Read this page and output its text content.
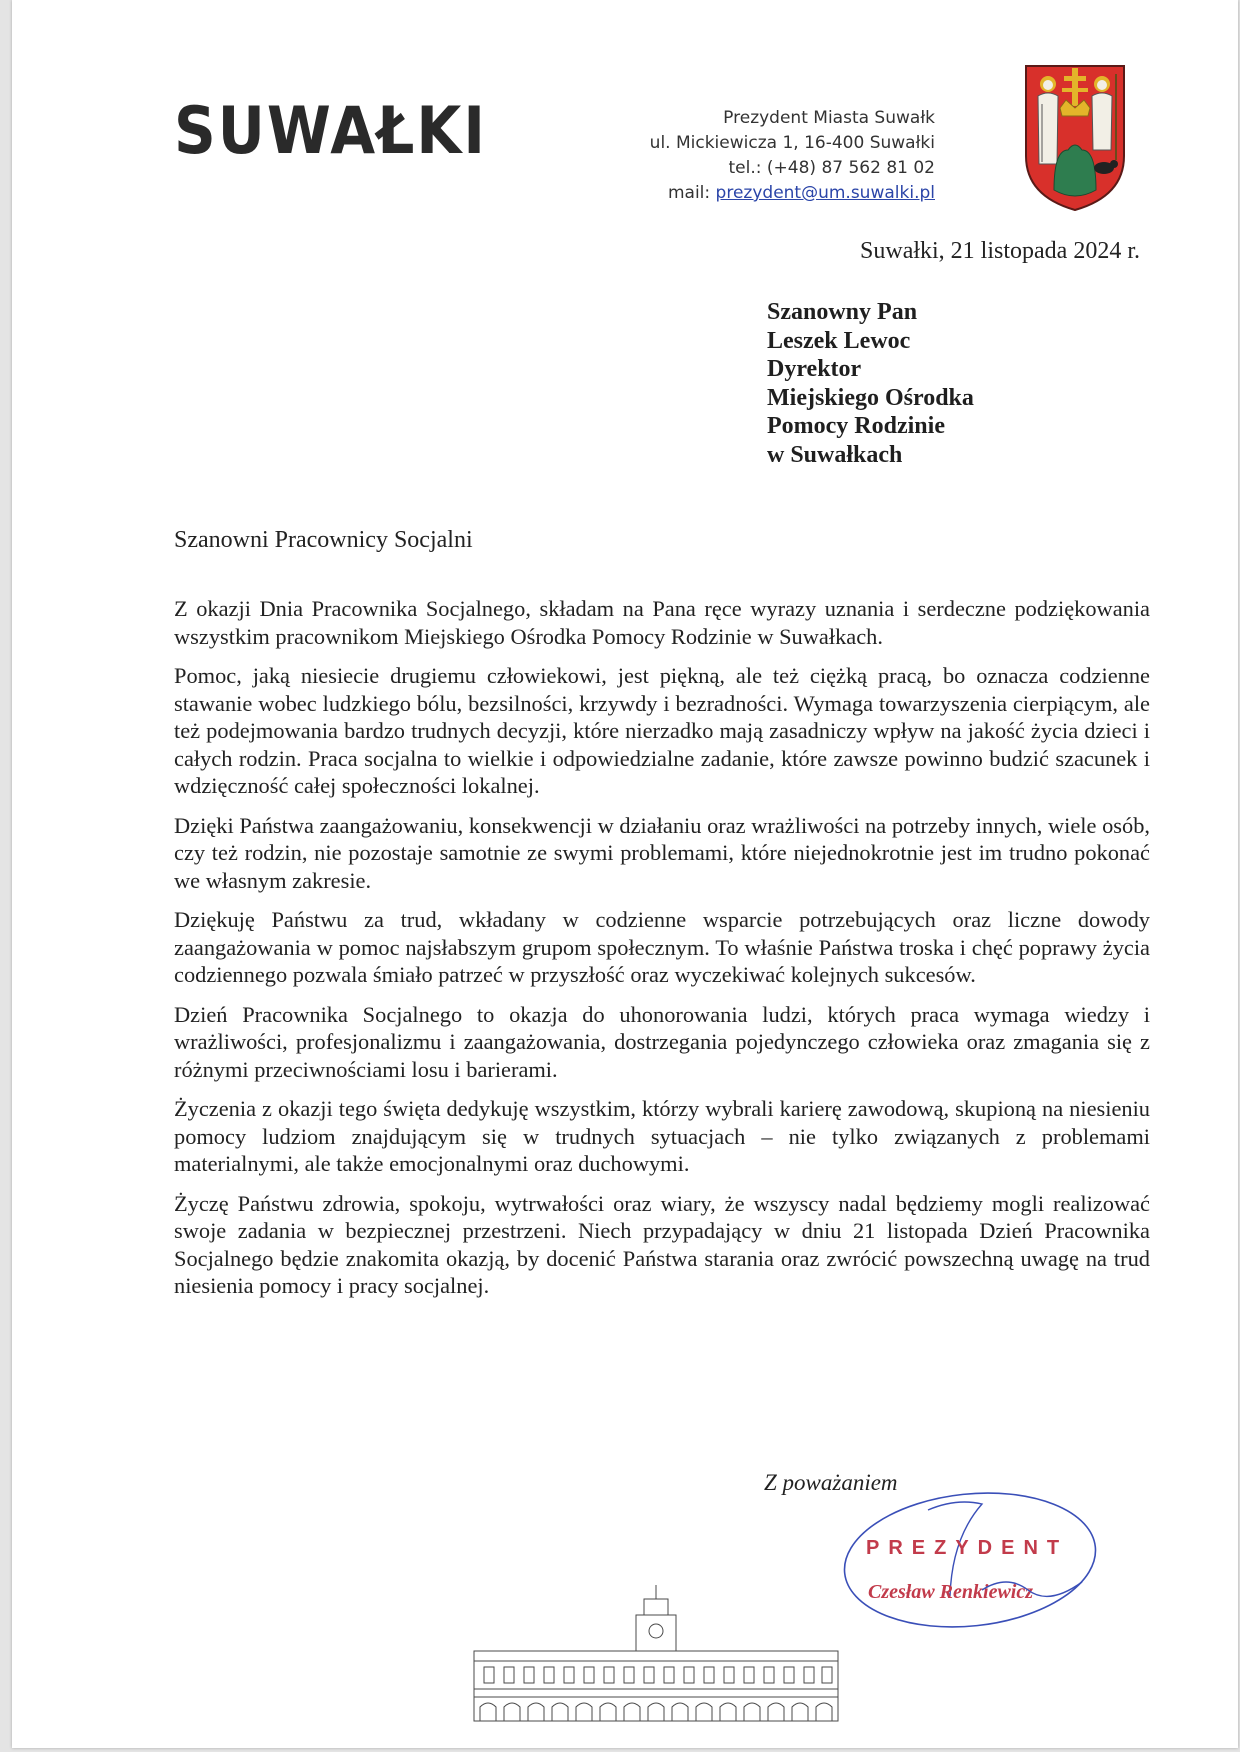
SUWAŁKI	Prezydent Miasta Suwałk
ul. Mickiewicza 1, 16-400 Suwałki
tel.: (+48) 87 562 81 02
mail: prezydent@um.suwalki.pl
Suwałki, 21 listopada 2024 r.
Szanowny Pan
Leszek Lewoc
Dyrektor
Miejskiego Ośrodka
Pomocy Rodzinie
w Suwałkach
Szanowni Pracownicy Socjalni

Z okazji Dnia Pracownika Socjalnego, składam na Pana ręce wyrazy uznania i serdeczne podziękowania wszystkim pracownikom Miejskiego Ośrodka Pomocy Rodzinie w Suwałkach.

Pomoc, jaką niesiecie drugiemu człowiekowi, jest piękną, ale też ciężką pracą, bo oznacza codzienne stawanie wobec ludzkiego bólu, bezsilności, krzywdy i bezradności. Wymaga towarzyszenia cierpiącym, ale też podejmowania bardzo trudnych decyzji, które nierzadko mają zasadniczy wpływ na jakość życia dzieci i całych rodzin. Praca socjalna to wielkie i odpowiedzialne zadanie, które zawsze powinno budzić szacunek i wdzięczność całej społeczności lokalnej.

Dzięki Państwa zaangażowaniu, konsekwencji w działaniu oraz wrażliwości na potrzeby innych, wiele osób, czy też rodzin, nie pozostaje samotnie ze swymi problemami, które niejednokrotnie jest im trudno pokonać we własnym zakresie.

Dziękuję Państwu za trud, wkładany w codzienne wsparcie potrzebujących oraz liczne dowody zaangażowania w pomoc najsłabszym grupom społecznym. To właśnie Państwa troska i chęć poprawy życia codziennego pozwala śmiało patrzeć w przyszłość oraz wyczekiwać kolejnych sukcesów.

Dzień Pracownika Socjalnego to okazja do uhonorowania ludzi, których praca wymaga wiedzy i wrażliwości, profesjonalizmu i zaangażowania, dostrzegania pojedynczego człowieka oraz zmagania się z różnymi przeciwnościami losu i barierami.

Życzenia z okazji tego święta dedykuję wszystkim, którzy wybrali karierę zawodową, skupioną na niesieniu pomocy ludziom znajdującym się w trudnych sytuacjach – nie tylko związanych z problemami materialnymi, ale także emocjonalnymi oraz duchowymi.

Życzę Państwu zdrowia, spokoju, wytrwałości oraz wiary, że wszyscy nadal będziemy mogli realizować swoje zadania w bezpiecznej przestrzeni. Niech przypadający w dniu 21 listopada Dzień Pracownika Socjalnego będzie znakomita okazją, by docenić Państwa starania oraz zwrócić powszechną uwagę na trud niesienia pomocy i pracy socjalnej.

Z poważaniem
PREZYDENT
Czesław Renkiewicz
